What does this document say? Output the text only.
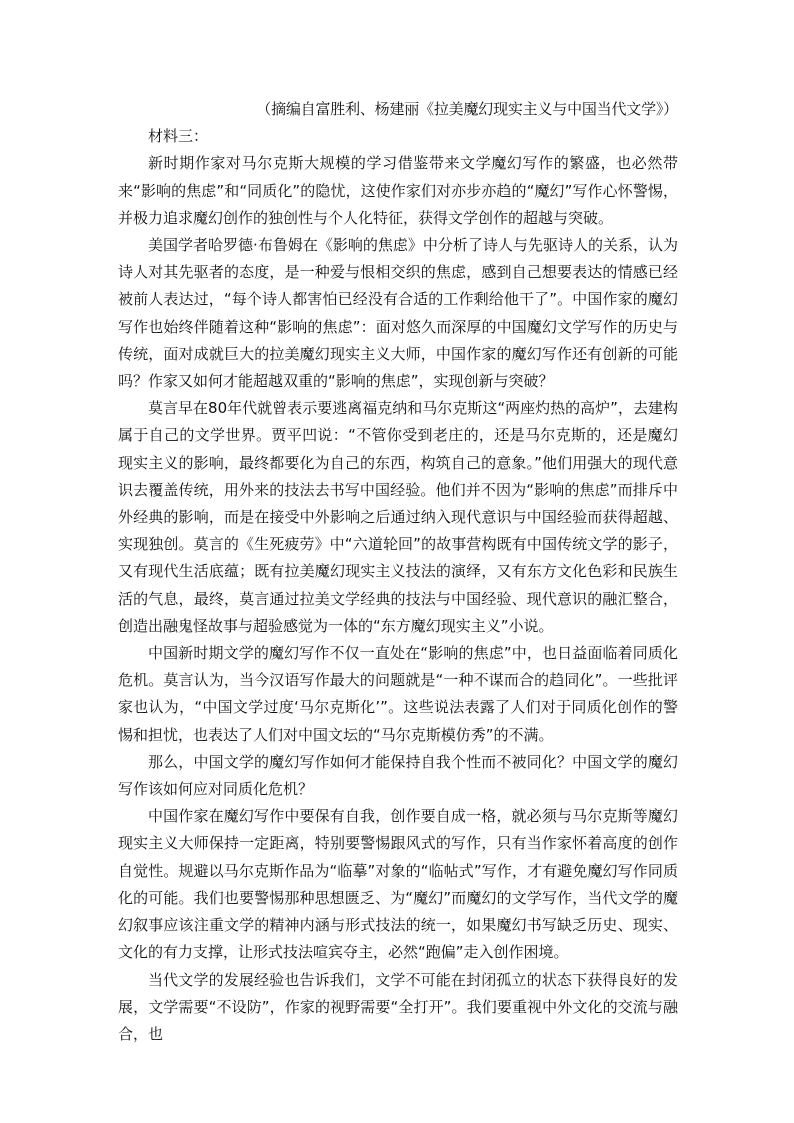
（摘编自富胜利、杨建丽《拉美魔幻现实主义与中国当代文学》）

材料三：

新时期作家对马尔克斯大规模的学习借鉴带来文学魔幻写作的繁盛，也必然带来“影响的焦虑”和“同质化”的隐忧，这使作家们对亦步亦趋的“魔幻”写作心怀警惕，并极力追求魔幻创作的独创性与个人化特征，获得文学创作的超越与突破。

美国学者哈罗德·布鲁姆在《影响的焦虑》中分析了诗人与先驱诗人的关系，认为诗人对其先驱者的态度，是一种爱与恨相交织的焦虑，感到自己想要表达的情感已经被前人表达过，“每个诗人都害怕已经没有合适的工作剩给他干了”。中国作家的魔幻写作也始终伴随着这种“影响的焦虑”：面对悠久而深厚的中国魔幻文学写作的历史与传统，面对成就巨大的拉美魔幻现实主义大师，中国作家的魔幻写作还有创新的可能吗？作家又如何才能超越双重的“影响的焦虑”，实现创新与突破？

莫言早在80年代就曾表示要逃离福克纳和马尔克斯这“两座灼热的高炉”，去建构属于自己的文学世界。贾平凹说：“不管你受到老庄的，还是马尔克斯的，还是魔幻现实主义的影响，最终都要化为自己的东西，构筑自己的意象。”他们用强大的现代意识去覆盖传统，用外来的技法去书写中国经验。他们并不因为“影响的焦虑”而排斥中外经典的影响，而是在接受中外影响之后通过纳入现代意识与中国经验而获得超越、实现独创。莫言的《生死疲劳》中“六道轮回”的故事营构既有中国传统文学的影子，又有现代生活底蕴；既有拉美魔幻现实主义技法的演绎，又有东方文化色彩和民族生活的气息，最终，莫言通过拉美文学经典的技法与中国经验、现代意识的融汇整合，创造出融鬼怪故事与超验感觉为一体的“东方魔幻现实主义”小说。

中国新时期文学的魔幻写作不仅一直处在“影响的焦虑”中，也日益面临着同质化危机。莫言认为，当今汉语写作最大的问题就是“一种不谋而合的趋同化”。一些批评家也认为，“中国文学过度‘马尔克斯化’”。这些说法表露了人们对于同质化创作的警惕和担忧，也表达了人们对中国文坛的“马尔克斯模仿秀”的不满。

那么，中国文学的魔幻写作如何才能保持自我个性而不被同化？中国文学的魔幻写作该如何应对同质化危机？

中国作家在魔幻写作中要保有自我，创作要自成一格，就必须与马尔克斯等魔幻现实主义大师保持一定距离，特别要警惕跟风式的写作，只有当作家怀着高度的创作自觉性。规避以马尔克斯作品为“临摹”对象的“临帖式”写作，才有避免魔幻写作同质化的可能。我们也要警惕那种思想匮乏、为“魔幻”而魔幻的文学写作，当代文学的魔幻叙事应该注重文学的精神内涵与形式技法的统一，如果魔幻书写缺乏历史、现实、文化的有力支撑，让形式技法喧宾夺主，必然“跑偏”走入创作困境。

当代文学的发展经验也告诉我们，文学不可能在封闭孤立的状态下获得良好的发展，文学需要“不设防”，作家的视野需要“全打开”。我们要重视中外文化的交流与融合，也
